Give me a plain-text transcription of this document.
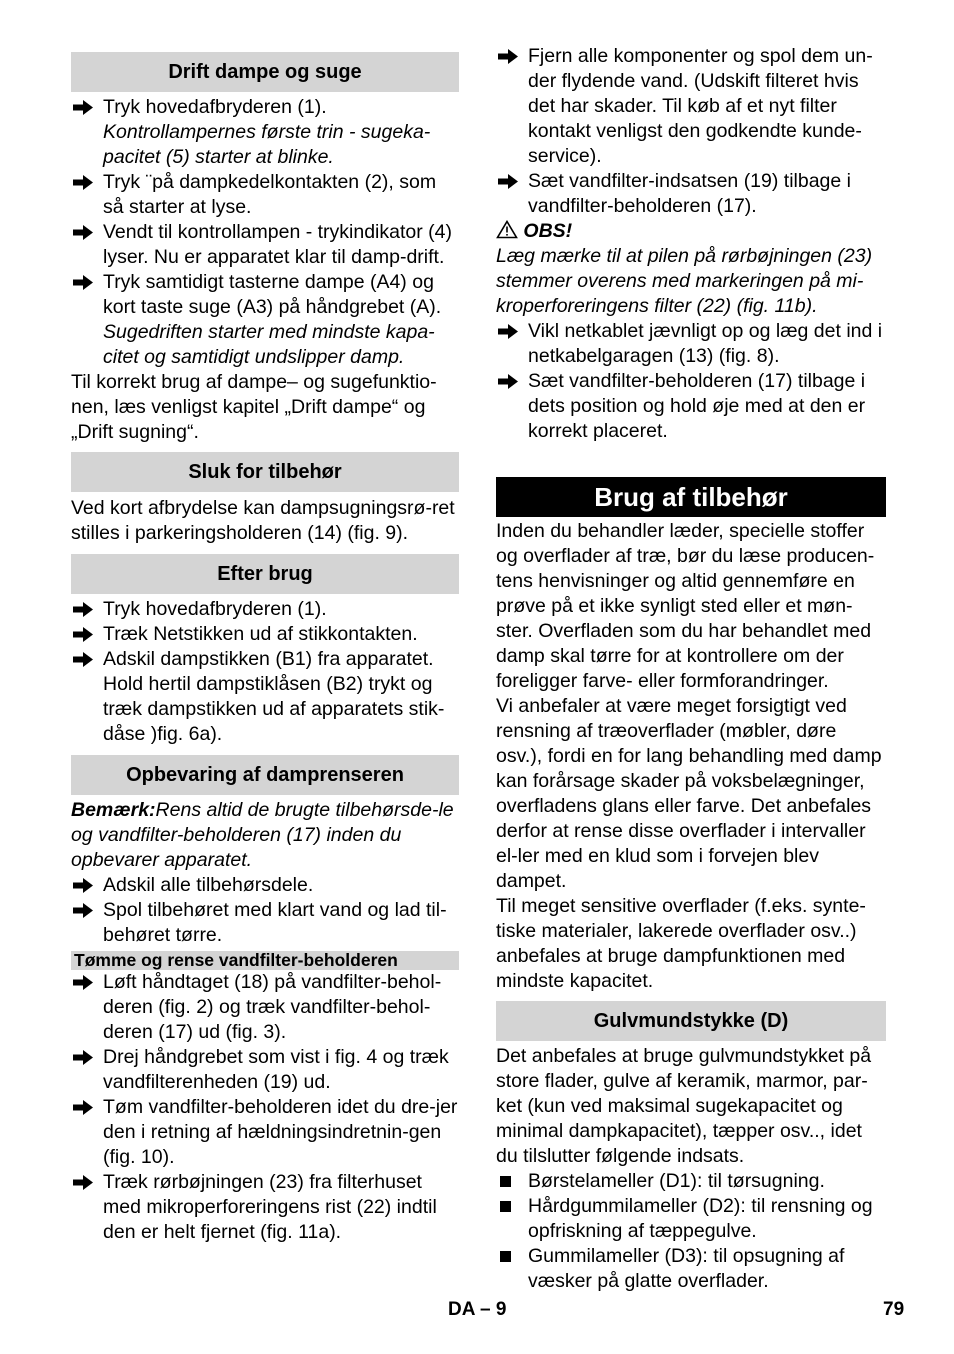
Drift dampe og suge
Tryk hovedafbryderen (1).
Kontrollampernes første trin - sugeka-pacitet (5) starter at blinke.
Tryk ¨på dampkedelkontakten (2), som så starter at lyse.
Vendt til kontrollampen - trykindikator (4) lyser. Nu er apparatet klar til damp-drift.
Tryk samtidigt tasterne dampe (A4) og kort taste suge (A3) på håndgrebet (A).
Sugedriften starter med mindste kapa-citet og samtidigt undslipper damp.

Til korrekt brug af dampe– og sugefunktio-nen, læs venligst kapitel „Drift dampe“ og „Drift sugning“.

Sluk for tilbehør

Ved kort afbrydelse kan dampsugningsrø-ret stilles i parkeringsholderen (14) (fig. 9).

Efter brug
Tryk hovedafbryderen (1).
Træk Netstikken ud af stikkontakten.
Adskil dampstikken (B1) fra apparatet. Hold hertil dampstiklåsen (B2) trykt og træk dampstikken ud af apparatets stik-dåse )fig. 6a).
Opbevaring af damprenseren

Bemærk:Rens altid de brugte tilbehørsde-le og vandfilter-beholderen (17) inden du opbevarer apparatet.

Adskil alle tilbehørsdele.
Spol tilbehøret med klart vand og lad til-behøret tørre.
Tømme og rense vandfilter-beholderen
Løft håndtaget (18) på vandfilter-behol-deren (fig. 2) og træk vandfilter-behol-deren (17) ud (fig. 3).
Drej håndgrebet som vist i fig. 4 og træk vandfilterenheden (19) ud.
Tøm vandfilter-beholderen idet du dre-jer den i retning af hældningsindretnin-gen (fig. 10).
Træk rørbøjningen (23) fra filterhuset med mikroperforeringens rist (22) indtil den er helt fjernet (fig. 11a).
Fjern alle komponenter og spol dem un-der flydende vand. (Udskift filteret hvis det har skader. Til køb af et nyt filter kontakt venligst den godkendte kunde-service).
Sæt vandfilter-indsatsen (19) tilbage i vandfilter-beholderen (17).

OBS!

Læg mærke til at pilen på rørbøjningen (23) stemmer overens med markeringen på mi-kroperforeringens filter (22) (fig. 11b).

Vikl netkablet jævnligt op og læg det ind i netkabelgaragen (13) (fig. 8).
Sæt vandfilter-beholderen (17) tilbage i dets position og hold øje med at den er korrekt placeret.
Brug af tilbehør

Inden du behandler læder, specielle stoffer og overflader af træ, bør du læse producen-tens henvisninger og altid gennemføre en prøve på et ikke synligt sted eller et møn-ster. Overfladen som du har behandlet med damp skal tørre for at kontrollere om der foreligger farve- eller formforandringer.

Vi anbefaler at være meget forsigtigt ved rensning af træoverflader (møbler, døre osv.), fordi en for lang behandling med damp kan forårsage skader på voksbelægninger, overfladens glans eller farve. Det anbefales derfor at rense disse overflader i intervaller el-ler med en klud som i forvejen blev dampet.

Til meget sensitive overflader (f.eks. synte-tiske materialer, lakerede overflader osv..) anbefales at bruge dampfunktionen med mindste kapacitet.

Gulvmundstykke (D)

Det anbefales at bruge gulvmundstykket på store flader, gulve af keramik, marmor, par-ket (kun ved maksimal sugekapacitet og minimal dampkapacitet), tæpper osv.., idet du tilslutter følgende indsats.

Børstelameller (D1): til tørsugning.
Hårdgummilameller (D2): til rensning og opfriskning af tæppegulve.
Gummilameller (D3): til opsugning af væsker på glatte overflader.
DA – 9	79
